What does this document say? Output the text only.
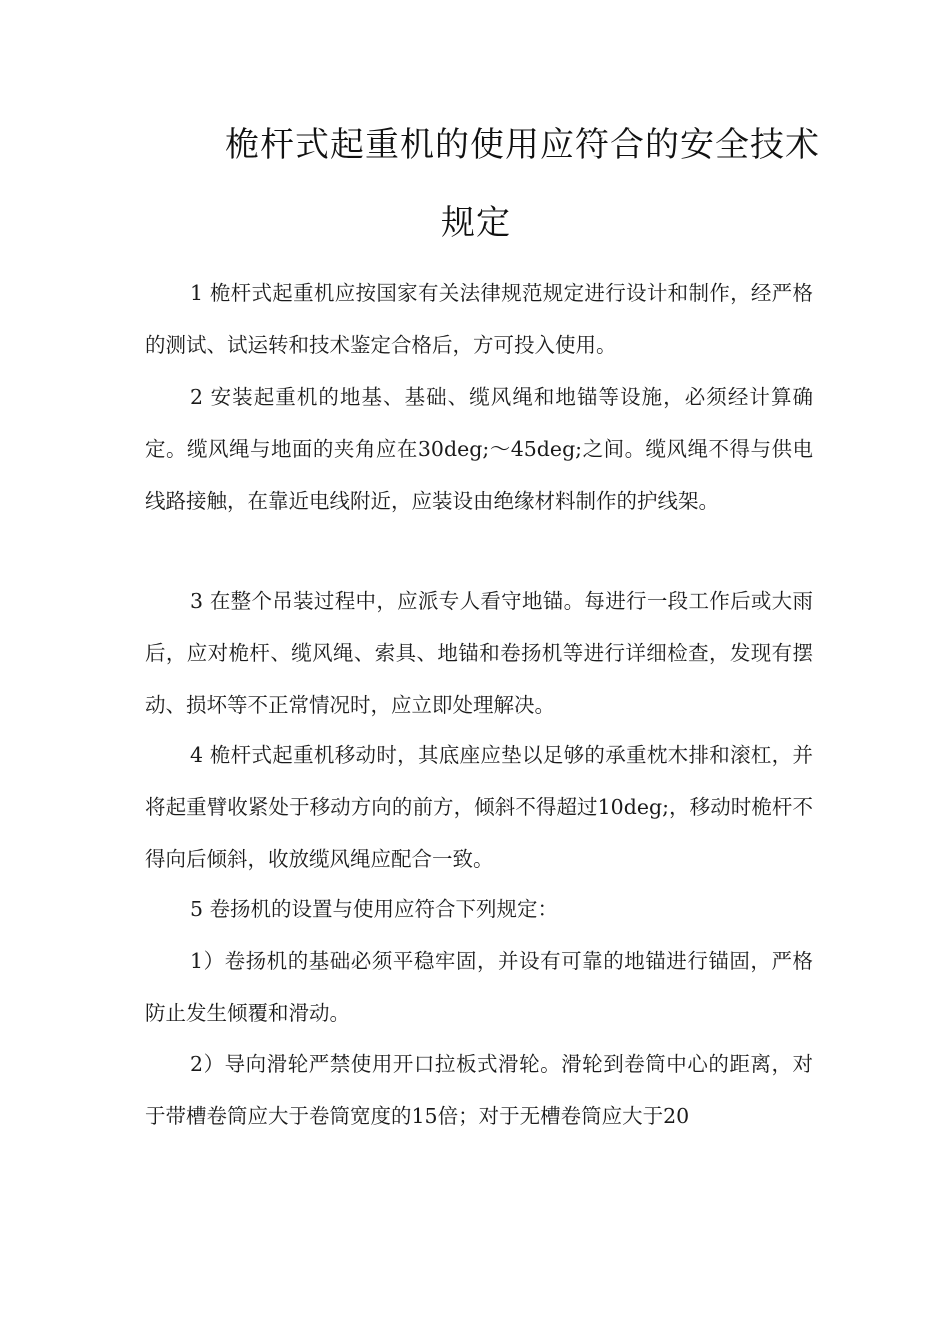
桅杆式起重机的使用应符合的安全技术
规定

1 桅杆式起重机应按国家有关法律规范规定进行设计和制作，经严格的测试、试运转和技术鉴定合格后，方可投入使用。

2 安装起重机的地基、基础、缆风绳和地锚等设施，必须经计算确定。缆风绳与地面的夹角应在30deg;～45deg;之间。缆风绳不得与供电线路接触，在靠近电线附近，应装设由绝缘材料制作的护线架。

3 在整个吊装过程中，应派专人看守地锚。每进行一段工作后或大雨后，应对桅杆、缆风绳、索具、地锚和卷扬机等进行详细检查，发现有摆动、损坏等不正常情况时，应立即处理解决。

4 桅杆式起重机移动时，其底座应垫以足够的承重枕木排和滚杠，并将起重臂收紧处于移动方向的前方，倾斜不得超过10deg;，移动时桅杆不得向后倾斜，收放缆风绳应配合一致。

5 卷扬机的设置与使用应符合下列规定：

1）卷扬机的基础必须平稳牢固，并设有可靠的地锚进行锚固，严格防止发生倾覆和滑动。

2）导向滑轮严禁使用开口拉板式滑轮。滑轮到卷筒中心的距离，对于带槽卷筒应大于卷筒宽度的15倍；对于无槽卷筒应大于20
